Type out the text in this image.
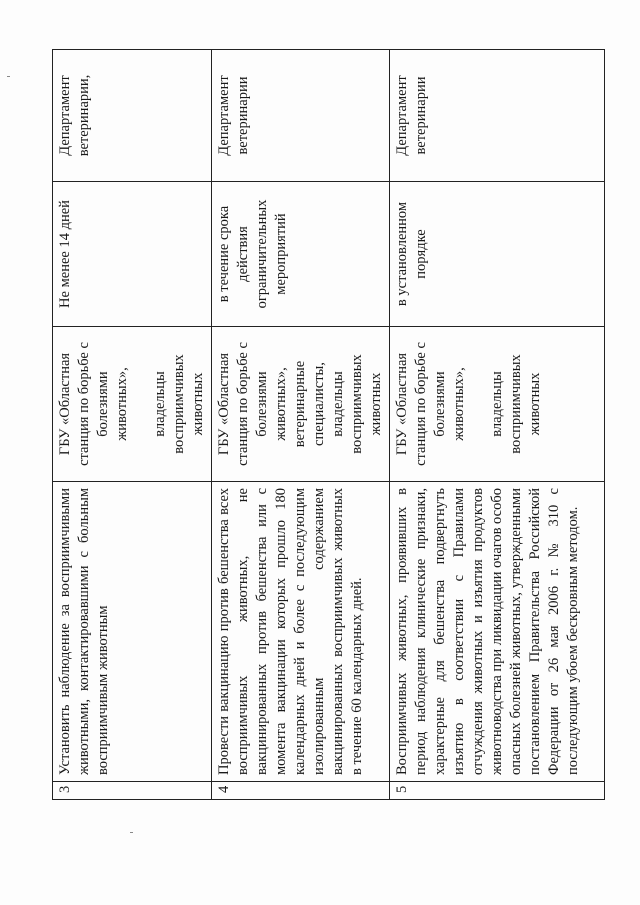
3	Установить наблюдение за восприимчивыми животными, контактировавшими с больным восприимчивым животным	ГБУ «Областная станция по борьбе с болезнями животных», владельцы восприимчивых животных	Не менее 14 дней	Департамент ветеринарии,
4	Провести вакцинацию против бешенства всех восприимчивых животных, не вакцинированных против бешенства или с момента вакцинации которых прошло 180 календарных дней и более с последующим изолированным содержанием вакцинированных восприимчивых животных в течение 60 календарных дней.	ГБУ «Областная станция по борьбе с болезнями животных», ветеринарные специалисты, владельцы восприимчивых животных	в течение срока действия ограничительных мероприятий	Департамент ветеринарии
5	Восприимчивых животных, проявивших в период наблюдения клинические признаки, характерные для бешенства подвергнуть изъятию в соответствии с Правилами отчуждения животных и изъятия продуктов животноводства при ликвидации очагов особо опасных болезней животных, утвержденными постановлением Правительства Российской Федерации от 26 мая 2006 г. № 310 с последующим убоем бескровным методом.	ГБУ «Областная станция по борьбе с болезнями животных», владельцы восприимчивых животных	в установленном порядке	Департамент ветеринарии
